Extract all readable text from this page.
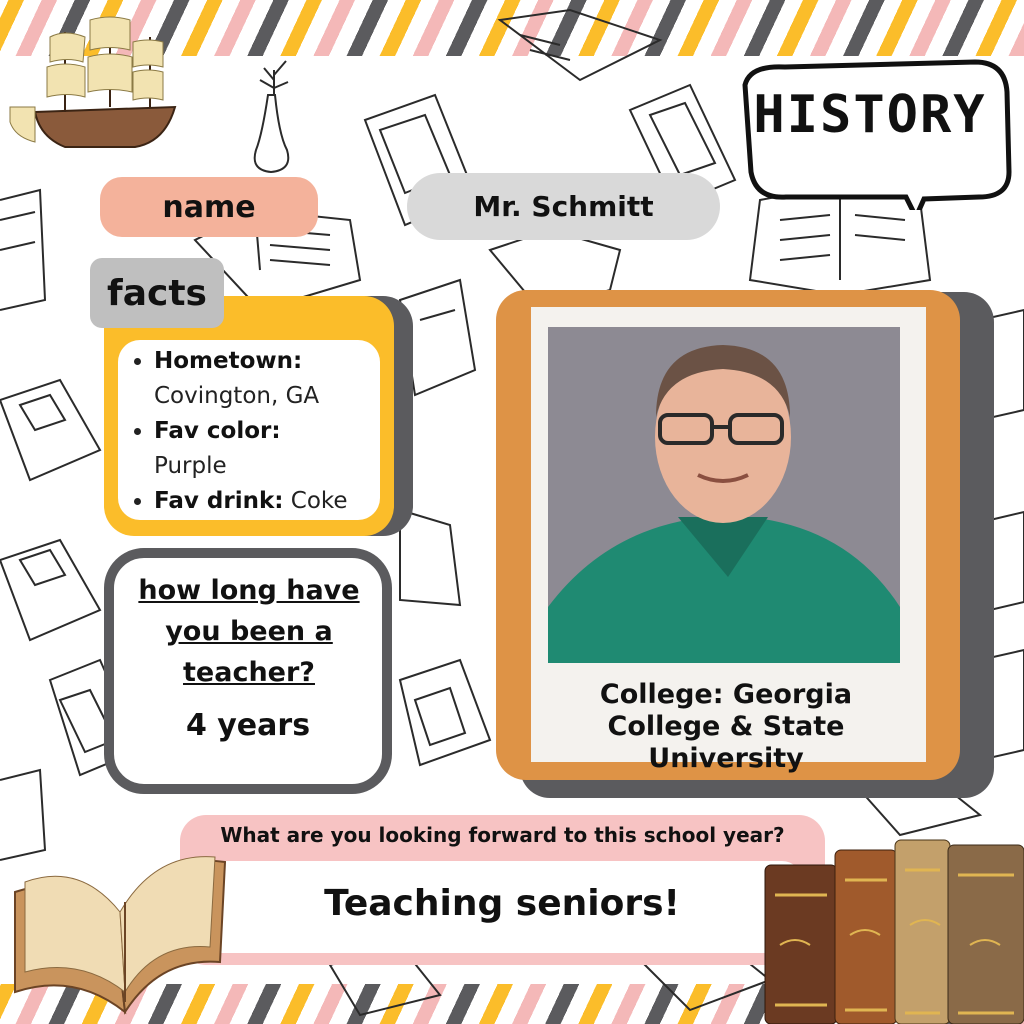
HISTORY
name	Mr. Schmitt
• Hometown:
Covington, GA
• Fav color:
Purple
• Fav drink: Coke
facts
how long have you been a teacher?
4 years
College: Georgia College & State University
What are you looking forward to this school year?
Teaching seniors!
